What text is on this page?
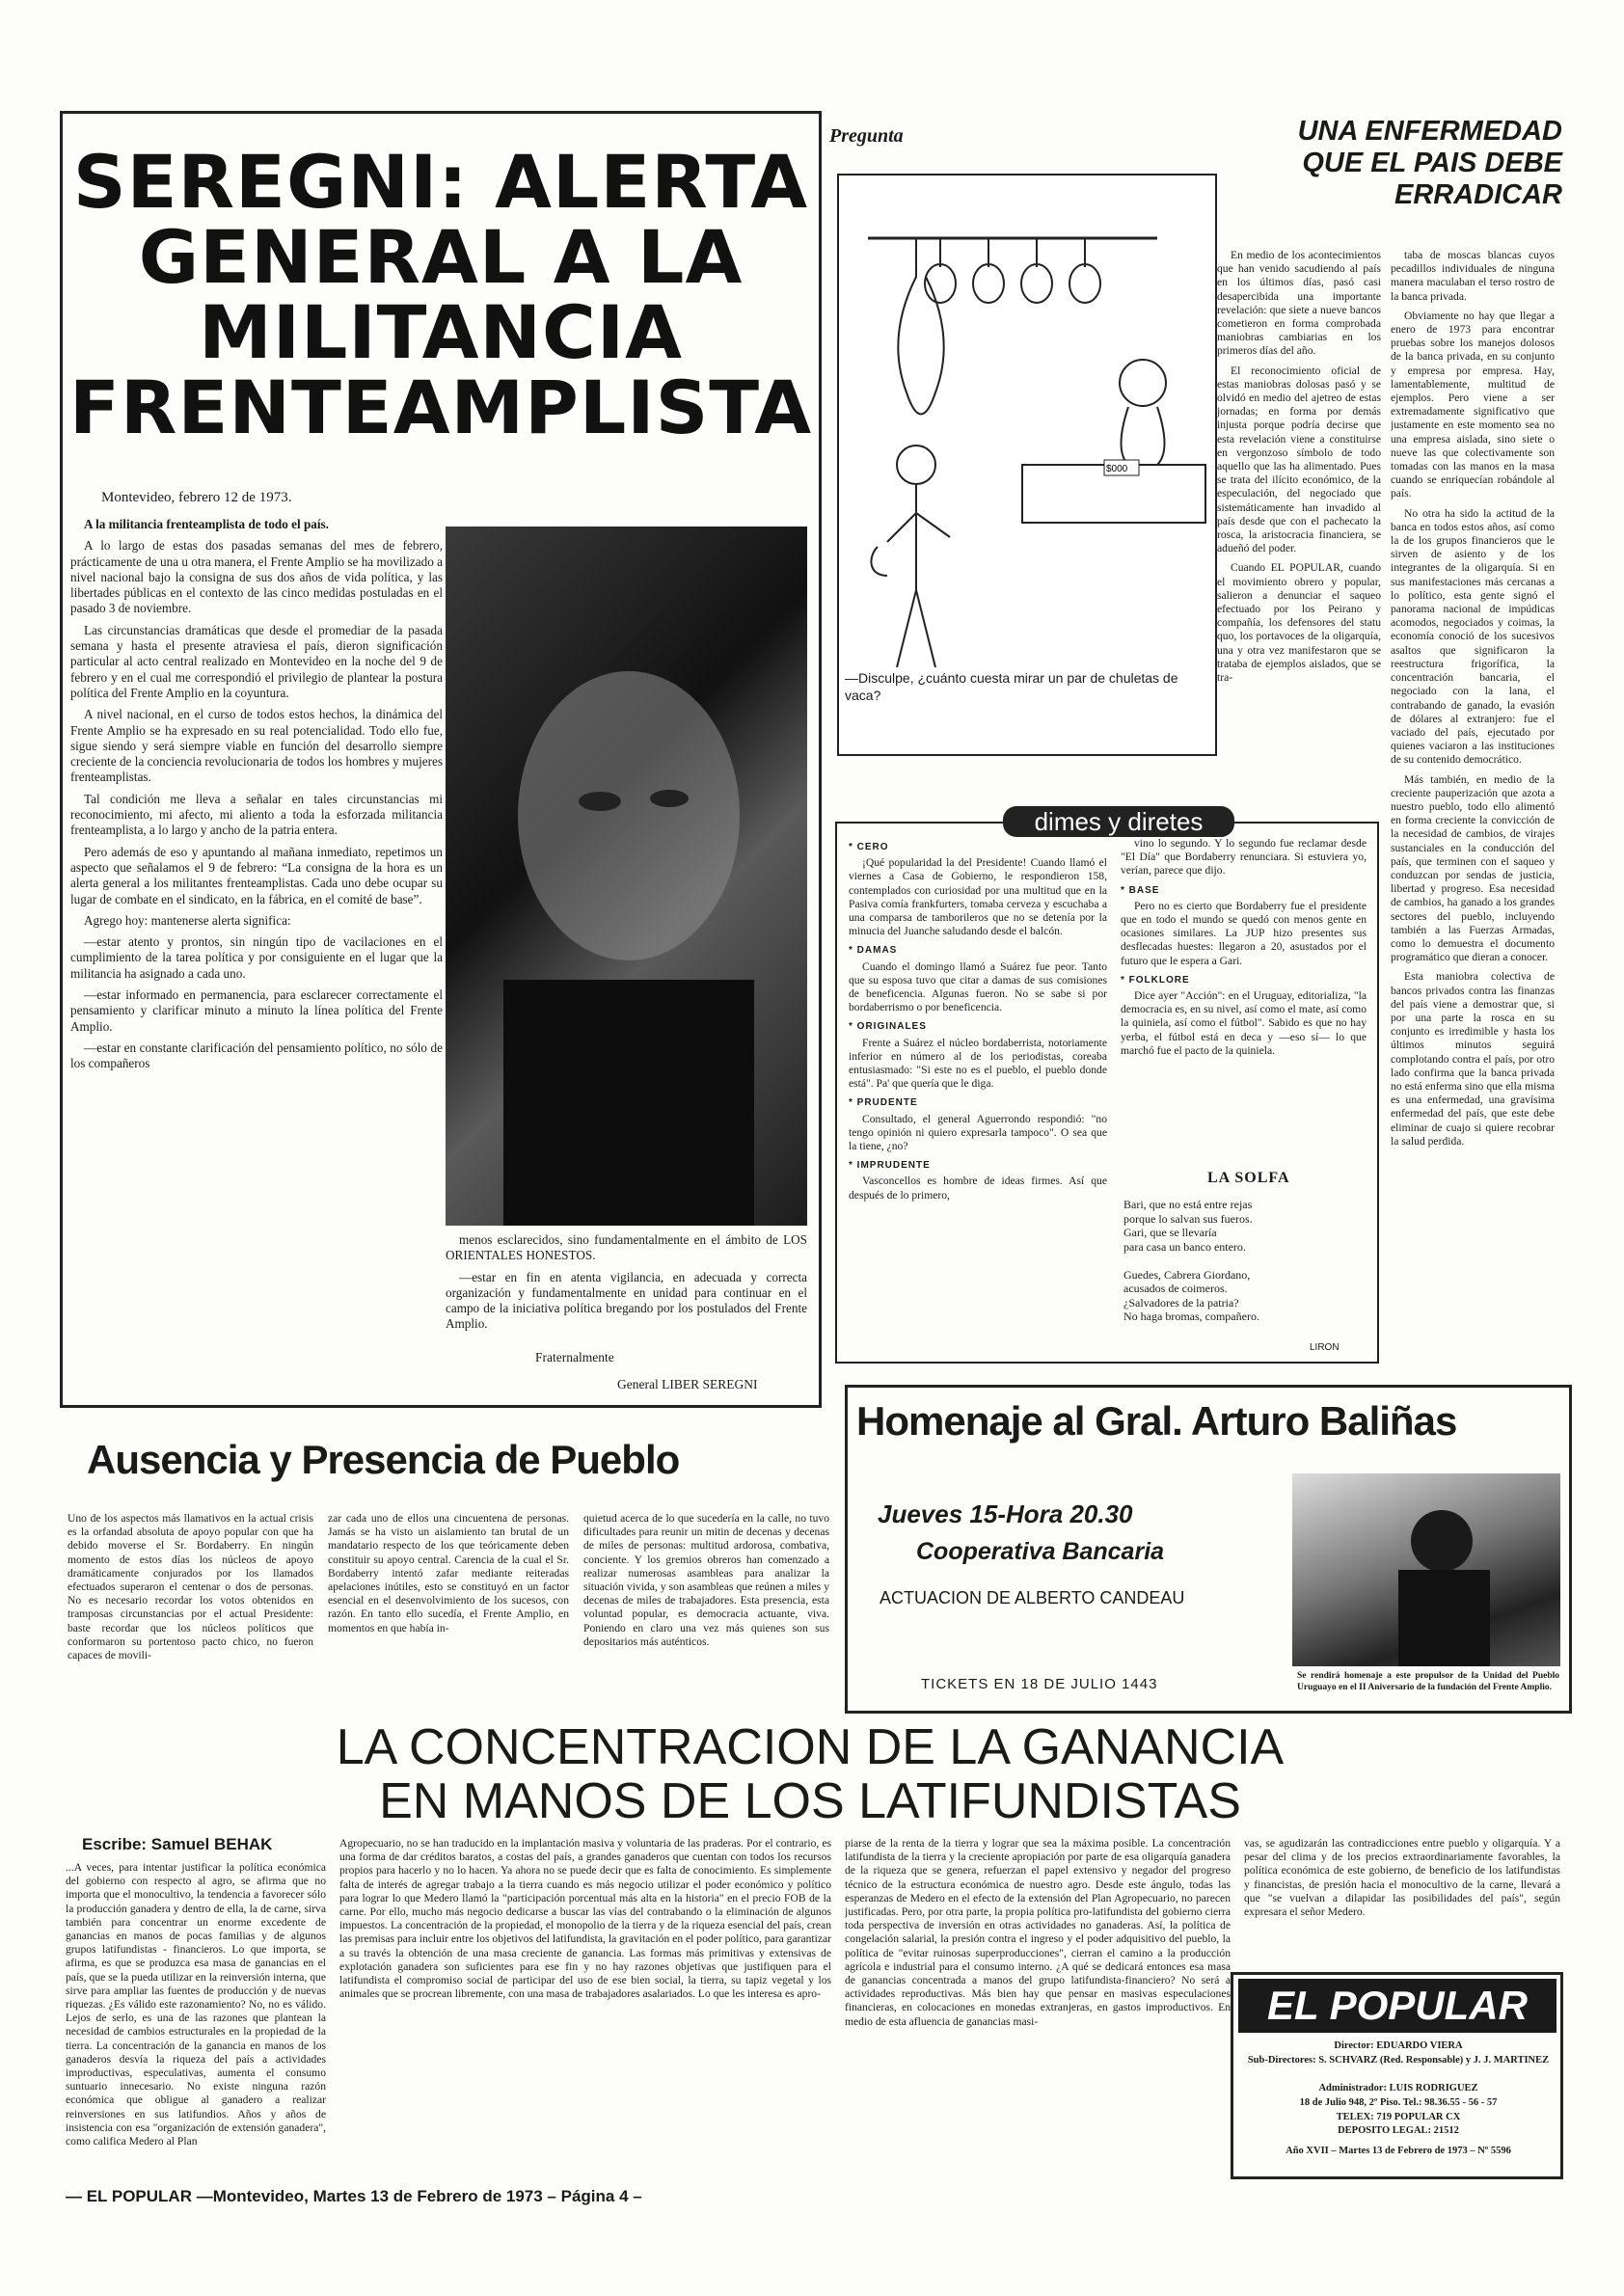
SEREGNI: ALERTA GENERAL A LA MILITANCIA FRENTEAMPLISTA
Montevideo, febrero 12 de 1973.

A la militancia frenteamplista de todo el país.

A lo largo de estas dos pasadas semanas del mes de febrero, prácticamente de una u otra manera, el Frente Amplio se ha movilizado a nivel nacional bajo la consigna de sus dos años de vida política, y las libertades públicas en el contexto de las cinco medidas postuladas en el pasado 3 de noviembre.

Las circunstancias dramáticas que desde el promediar de la pasada semana y hasta el presente atraviesa el país, dieron significación particular al acto central realizado en Montevideo en la noche del 9 de febrero y en el cual me correspondió el privilegio de plantear la postura política del Frente Amplio en la coyuntura.

A nivel nacional, en el curso de todos estos hechos, la dinámica del Frente Amplio se ha expresado en su real potencialidad. Todo ello fue, sigue siendo y será siempre viable en función del desarrollo siempre creciente de la conciencia revolucionaria de todos los hombres y mujeres frenteamplistas.

Tal condición me lleva a señalar en tales circunstancias mi reconocimiento, mi afecto, mi aliento a toda la esforzada militancia frenteamplista, a lo largo y ancho de la patria entera.

Pero además de eso y apuntando al mañana inmediato, repetimos un aspecto que señalamos el 9 de febrero: “La consigna de la hora es un alerta general a los militantes frenteamplistas. Cada uno debe ocupar su lugar de combate en el sindicato, en la fábrica, en el comité de base”.

Agrego hoy: mantenerse alerta significa:

—estar atento y prontos, sin ningún tipo de vacilaciones en el cumplimiento de la tarea política y por consiguiente en el lugar que la militancia ha asignado a cada uno.

—estar informado en permanencia, para esclarecer correctamente el pensamiento y clarificar minuto a minuto la línea política del Frente Amplio.

—estar en constante clarificación del pensamiento político, no sólo de los compañeros

menos esclarecidos, sino fundamentalmente en el ámbito de LOS ORIENTALES HONESTOS.

—estar en fin en atenta vigilancia, en adecuada y correcta organización y fundamentalmente en unidad para continuar en el campo de la iniciativa política bregando por los postulados del Frente Amplio.

Fraternalmente
General LIBER SEREGNI
Pregunta
$000
—Disculpe, ¿cuánto cuesta mirar un par de chuletas de vaca?
UNA ENFERMEDAD QUE EL PAIS DEBE ERRADICAR

En medio de los acontecimientos que han venido sacudiendo al país en los últimos días, pasó casi desapercibida una importante revelación: que siete a nueve bancos cometieron en forma comprobada maniobras cambiarias en los primeros días del año.

El reconocimiento oficial de estas maniobras dolosas pasó y se olvidó en medio del ajetreo de estas jornadas; en forma por demás injusta porque podría decirse que esta revelación viene a constituirse en vergonzoso símbolo de todo aquello que las ha alimentado. Pues se trata del ilícito económico, de la especulación, del negociado que sistemáticamente han invadido al país desde que con el pachecato la rosca, la aristocracia financiera, se adueñó del poder.

Cuando EL POPULAR, cuando el movimiento obrero y popular, salieron a denunciar el saqueo efectuado por los Peirano y compañía, los defensores del statu quo, los portavoces de la oligarquía, una y otra vez manifestaron que se trataba de ejemplos aislados, que se tra-

taba de moscas blancas cuyos pecadillos individuales de ninguna manera maculaban el terso rostro de la banca privada.

Obviamente no hay que llegar a enero de 1973 para encontrar pruebas sobre los manejos dolosos de la banca privada, en su conjunto y empresa por empresa. Hay, lamentablemente, multitud de ejemplos. Pero viene a ser extremadamente significativo que justamente en este momento sea no una empresa aislada, sino siete o nueve las que colectivamente son tomadas con las manos en la masa cuando se enriquecían robándole al país.

No otra ha sido la actitud de la banca en todos estos años, así como la de los grupos financieros que le sirven de asiento y de los integrantes de la oligarquía. Si en sus manifestaciones más cercanas a lo político, esta gente signó el panorama nacional de impúdicas acomodos, negociados y coimas, la economía conoció de los sucesivos asaltos que significaron la reestructura frigorífica, la concentración bancaria, el negociado con la lana, el contrabando de ganado, la evasión de dólares al extranjero: fue el vaciado del país, ejecutado por quienes vaciaron a las instituciones de su contenido democrático.

Más también, en medio de la creciente pauperización que azota a nuestro pueblo, todo ello alimentó en forma creciente la convicción de la necesidad de cambios, de virajes sustanciales en la conducción del país, que terminen con el saqueo y conduzcan por sendas de justicia, libertad y progreso. Esa necesidad de cambios, ha ganado a los grandes sectores del pueblo, incluyendo también a las Fuerzas Armadas, como lo demuestra el documento programático que dieran a conocer.

Esta maniobra colectiva de bancos privados contra las finanzas del país viene a demostrar que, si por una parte la rosca en su conjunto es irredimible y hasta los últimos minutos seguirá complotando contra el país, por otro lado confirma que la banca privada no está enferma sino que ella misma es una enfermedad, una gravísima enfermedad del país, que este debe eliminar de cuajo si quiere recobrar la salud perdida.

dimes y diretes
* CERO

¡Qué popularidad la del Presidente! Cuando llamó el viernes a Casa de Gobierno, le respondieron 158, contemplados con curiosidad por una multitud que en la Pasiva comía frankfurters, tomaba cerveza y escuchaba a una comparsa de tamborileros que no se detenía por la minucia del Juanche saludando desde el balcón.

* DAMAS

Cuando el domingo llamó a Suárez fue peor. Tanto que su esposa tuvo que citar a damas de sus comisiones de beneficencia. Algunas fueron. No se sabe si por bordaberrismo o por beneficencia.

* ORIGINALES

Frente a Suárez el núcleo bordaberrista, notoriamente inferior en número al de los periodistas, coreaba entusiasmado: "Si este no es el pueblo, el pueblo donde está". Pa' que quería que le diga.

* PRUDENTE

Consultado, el general Aguerrondo respondió: "no tengo opinión ni quiero expresarla tampoco". O sea que la tiene, ¿no?

* IMPRUDENTE

Vasconcellos es hombre de ideas firmes. Así que después de lo primero,

vino lo segundo. Y lo segundo fue reclamar desde "El Día" que Bordaberry renunciara. Si estuviera yo, verían, parece que dijo.

* BASE

Pero no es cierto que Bordaberry fue el presidente que en todo el mundo se quedó con menos gente en ocasiones similares. La JUP hizo presentes sus desflecadas huestes: llegaron a 20, asustados por el futuro que le espera a Gari.

* FOLKLORE

Dice ayer "Acción": en el Uruguay, editorializa, "la democracia es, en su nivel, así como el mate, así como la quiniela, así como el fútbol". Sabido es que no hay yerba, el fútbol está en deca y —eso sí— lo que marchó fue el pacto de la quiniela.

LA SOLFA
Bari, que no está entre rejas
porque lo salvan sus fueros.
Gari, que se llevaría
para casa un banco entero.

Guedes, Cabrera Giordano,
acusados de coimeros.
¿Salvadores de la patria?
No haga bromas, compañero.
LIRON
Homenaje al Gral. Arturo Baliñas
Jueves 15-Hora 20.30
Cooperativa Bancaria
ACTUACION DE ALBERTO CANDEAU
TICKETS EN 18 DE JULIO 1443	Se rendirá homenaje a este propulsor de la Unidad del Pueblo Uruguayo en el II Aniversario de la fundación del Frente Amplio.
Ausencia y Presencia de Pueblo
Uno de los aspectos más llamativos en la actual crisis es la orfandad absoluta de apoyo popular con que ha debido moverse el Sr. Bordaberry. En ningún momento de estos días los núcleos de apoyo dramáticamente conjurados por los llamados efectuados superaron el centenar o dos de personas. No es necesario recordar los votos obtenidos en tramposas circunstancias por el actual Presidente: baste recordar que los núcleos políticos que conformaron su portentoso pacto chico, no fueron capaces de movili-
zar cada uno de ellos una cincuentena de personas. Jamás se ha visto un aislamiento tan brutal de un mandatario respecto de los que teóricamente deben constituir su apoyo central. Carencia de la cual el Sr. Bordaberry intentó zafar mediante reiteradas apelaciones inútiles, esto se constituyó en un factor esencial en el desenvolvimiento de los sucesos, con razón. En tanto ello sucedía, el Frente Amplio, en momentos en que había in-
quietud acerca de lo que sucedería en la calle, no tuvo dificultades para reunir un mitin de decenas y decenas de miles de personas: multitud ardorosa, combativa, conciente. Y los gremios obreros han comenzado a realizar numerosas asambleas para analizar la situación vivida, y son asambleas que reúnen a miles y decenas de miles de trabajadores. Esta presencia, esta voluntad popular, es democracia actuante, viva. Poniendo en claro una vez más quienes son sus depositarios más auténticos.
LA CONCENTRACION DE LA GANANCIA
EN MANOS DE LOS LATIFUNDISTAS
Escribe: Samuel BEHAK
...A veces, para intentar justificar la política económica del gobierno con respecto al agro, se afirma que no importa que el monocultivo, la tendencia a favorecer sólo la producción ganadera y dentro de ella, la de carne, sirva también para concentrar un enorme excedente de ganancias en manos de pocas familias y de algunos grupos latifundistas - financieros. Lo que importa, se afirma, es que se produzca esa masa de ganancias en el país, que se la pueda utilizar en la reinversión interna, que sirve para ampliar las fuentes de producción y de nuevas riquezas. ¿Es válido este razonamiento? No, no es válido. Lejos de serlo, es una de las razones que plantean la necesidad de cambios estructurales en la propiedad de la tierra. La concentración de la ganancia en manos de los ganaderos desvía la riqueza del país a actividades improductivas, especulativas, aumenta el consumo suntuario innecesario. No existe ninguna razón económica que obligue al ganadero a realizar reinversiones en sus latifundios. Años y años de insistencia con esa "organización de extensión ganadera", como califica Medero al Plan
Agropecuario, no se han traducido en la implantación masiva y voluntaria de las praderas. Por el contrario, es una forma de dar créditos baratos, a costas del país, a grandes ganaderos que cuentan con todos los recursos propios para hacerlo y no lo hacen. Ya ahora no se puede decir que es falta de conocimiento. Es simplemente falta de interés de agregar trabajo a la tierra cuando es más negocio utilizar el poder económico y político para lograr lo que Medero llamó la "participación porcentual más alta en la historia" en el precio FOB de la carne. Por ello, mucho más negocio dedicarse a buscar las vías del contrabando o la eliminación de algunos impuestos. La concentración de la propiedad, el monopolio de la tierra y de la riqueza esencial del país, crean las premisas para incluir entre los objetivos del latifundista, la gravitación en el poder político, para garantizar a su través la obtención de una masa creciente de ganancia. Las formas más primitivas y extensivas de explotación ganadera son suficientes para ese fin y no hay razones objetivas que justifiquen para el latifundista el compromiso social de participar del uso de ese bien social, la tierra, su tapiz vegetal y los animales que se procrean libremente, con una masa de trabajadores asalariados. Lo que les interesa es apro-
piarse de la renta de la tierra y lograr que sea la máxima posible. La concentración latifundista de la tierra y la creciente apropiación por parte de esa oligarquía ganadera de la riqueza que se genera, refuerzan el papel extensivo y negador del progreso técnico de la estructura económica de nuestro agro. Desde este ángulo, todas las esperanzas de Medero en el efecto de la extensión del Plan Agropecuario, no parecen justificadas. Pero, por otra parte, la propia política pro-latifundista del gobierno cierra toda perspectiva de inversión en otras actividades no ganaderas. Así, la política de congelación salarial, la presión contra el ingreso y el poder adquisitivo del pueblo, la política de "evitar ruinosas superproducciones", cierran el camino a la producción agrícola e industrial para el consumo interno. ¿A qué se dedicará entonces esa masa de ganancias concentrada a manos del grupo latifundista-financiero? No será a actividades reproductivas. Más bien hay que pensar en masivas especulaciones financieras, en colocaciones en monedas extranjeras, en gastos improductivos. En medio de esta afluencia de ganancias masi-
vas, se agudizarán las contradicciones entre pueblo y oligarquía. Y a pesar del clima y de los precios extraordinariamente favorables, la política económica de este gobierno, de beneficio de los latifundistas y financistas, de presión hacia el monocultivo de la carne, llevará a que "se vuelvan a dilapidar las posibilidades del país", según expresara el señor Medero.
EL POPULAR
Director: EDUARDO VIERA
Sub-Directores: S. SCHVARZ (Red. Responsable) y J. J. MARTINEZ
Administrador: LUIS RODRIGUEZ
18 de Julio 948, 2º Piso. Tel.: 98.36.55 - 56 - 57
TELEX: 719 POPULAR CX
DEPOSITO LEGAL: 21512
Año XVII – Martes 13 de Febrero de 1973 – Nº 5596
— EL POPULAR —Montevideo, Martes 13 de Febrero de 1973 – Página 4 –
